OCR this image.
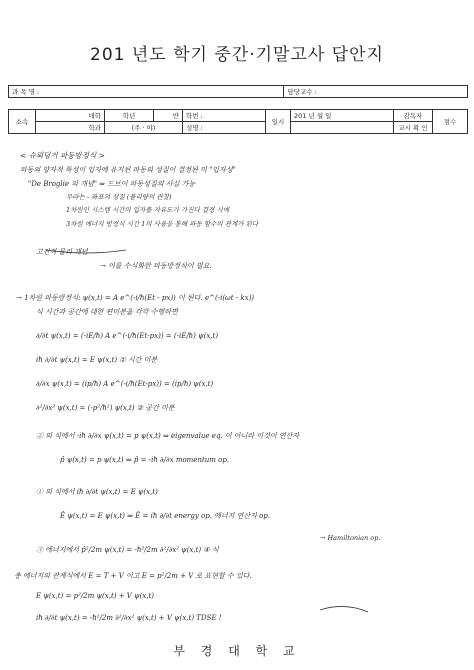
201 년도 학기 중간·기말고사 답안지
과 목 명 :	담당교수 :
소속	대학	학년	반	학번 :	일시	201 년 월 일	감독자	점수
	학과	(주 · 야)		성명 :			교시 확 인	
< 슈뢰딩거 파동방정식 >
파동의 양자적 특성이 입자에 유지된 파동의 성질이 결정된 미 "입자성"
"De Broglie 의 개념" ⇒ 드브이 파동성질의 사실 가능
무라는 - 좌표의 성질 (물리량의 관찰)
1차원인 시스템 시간의 입자를 자유도가 가진다 결정 시에
3차원 에너지 방정식 시간 1의 사용을 통해 파동 함수의 관계가 된다
고전적 물리 개념
→ 이를 수식화한 파동방정식이 필요.
→ 1차원 파동방정식: ψ(x,t) = A e^(-i/ħ(Et - px)) 이 된다. e^(-i(ωt - kx))
식 시간과 공간에 대한 편미분을 각각 수행하면
∂/∂t ψ(x,t) = (-iE/ħ) A e^(-i/ħ(Et-px)) = (-iE/ħ) ψ(x,t)
iħ ∂/∂t ψ(x,t) = E ψ(x,t) ① 시간 미분
∂/∂x ψ(x,t) = (ip/ħ) A e^(-i/ħ(Et-px)) = (ip/ħ) ψ(x,t)
∂²/∂x² ψ(x,t) = (-p²/ħ²) ψ(x,t) ② 공간 미분
② 의 식에서 -iħ ∂/∂x ψ(x,t) = p ψ(x,t) ⇒ eigenvalue eq. 이 아니라 이것이 연산자
p̂ ψ(x,t) = p ψ(x,t) ⇒ p̂ = -iħ ∂/∂x momentum op.
① 의 식에서 iħ ∂/∂t ψ(x,t) = E ψ(x,t)
Ê ψ(x,t) = E ψ(x,t) ⇒ Ê = iħ ∂/∂t energy op. 에너지 연산자 op.
→ Hamiltonian op.
③ 에너지에서 p̂²/2m ψ(x,t) = -ħ²/2m ∂²/∂x² ψ(x,t) ④ 식
총 에너지의 관계식에서 E = T + V 이고 E = p²/2m + V 로 표현할 수 있다.
E ψ(x,t) = p²/2m ψ(x,t) + V ψ(x,t)
iħ ∂/∂t ψ(x,t) = -ħ²/2m ∂²/∂x² ψ(x,t) + V ψ(x,t) TDSE !
부 경 대 학 교
